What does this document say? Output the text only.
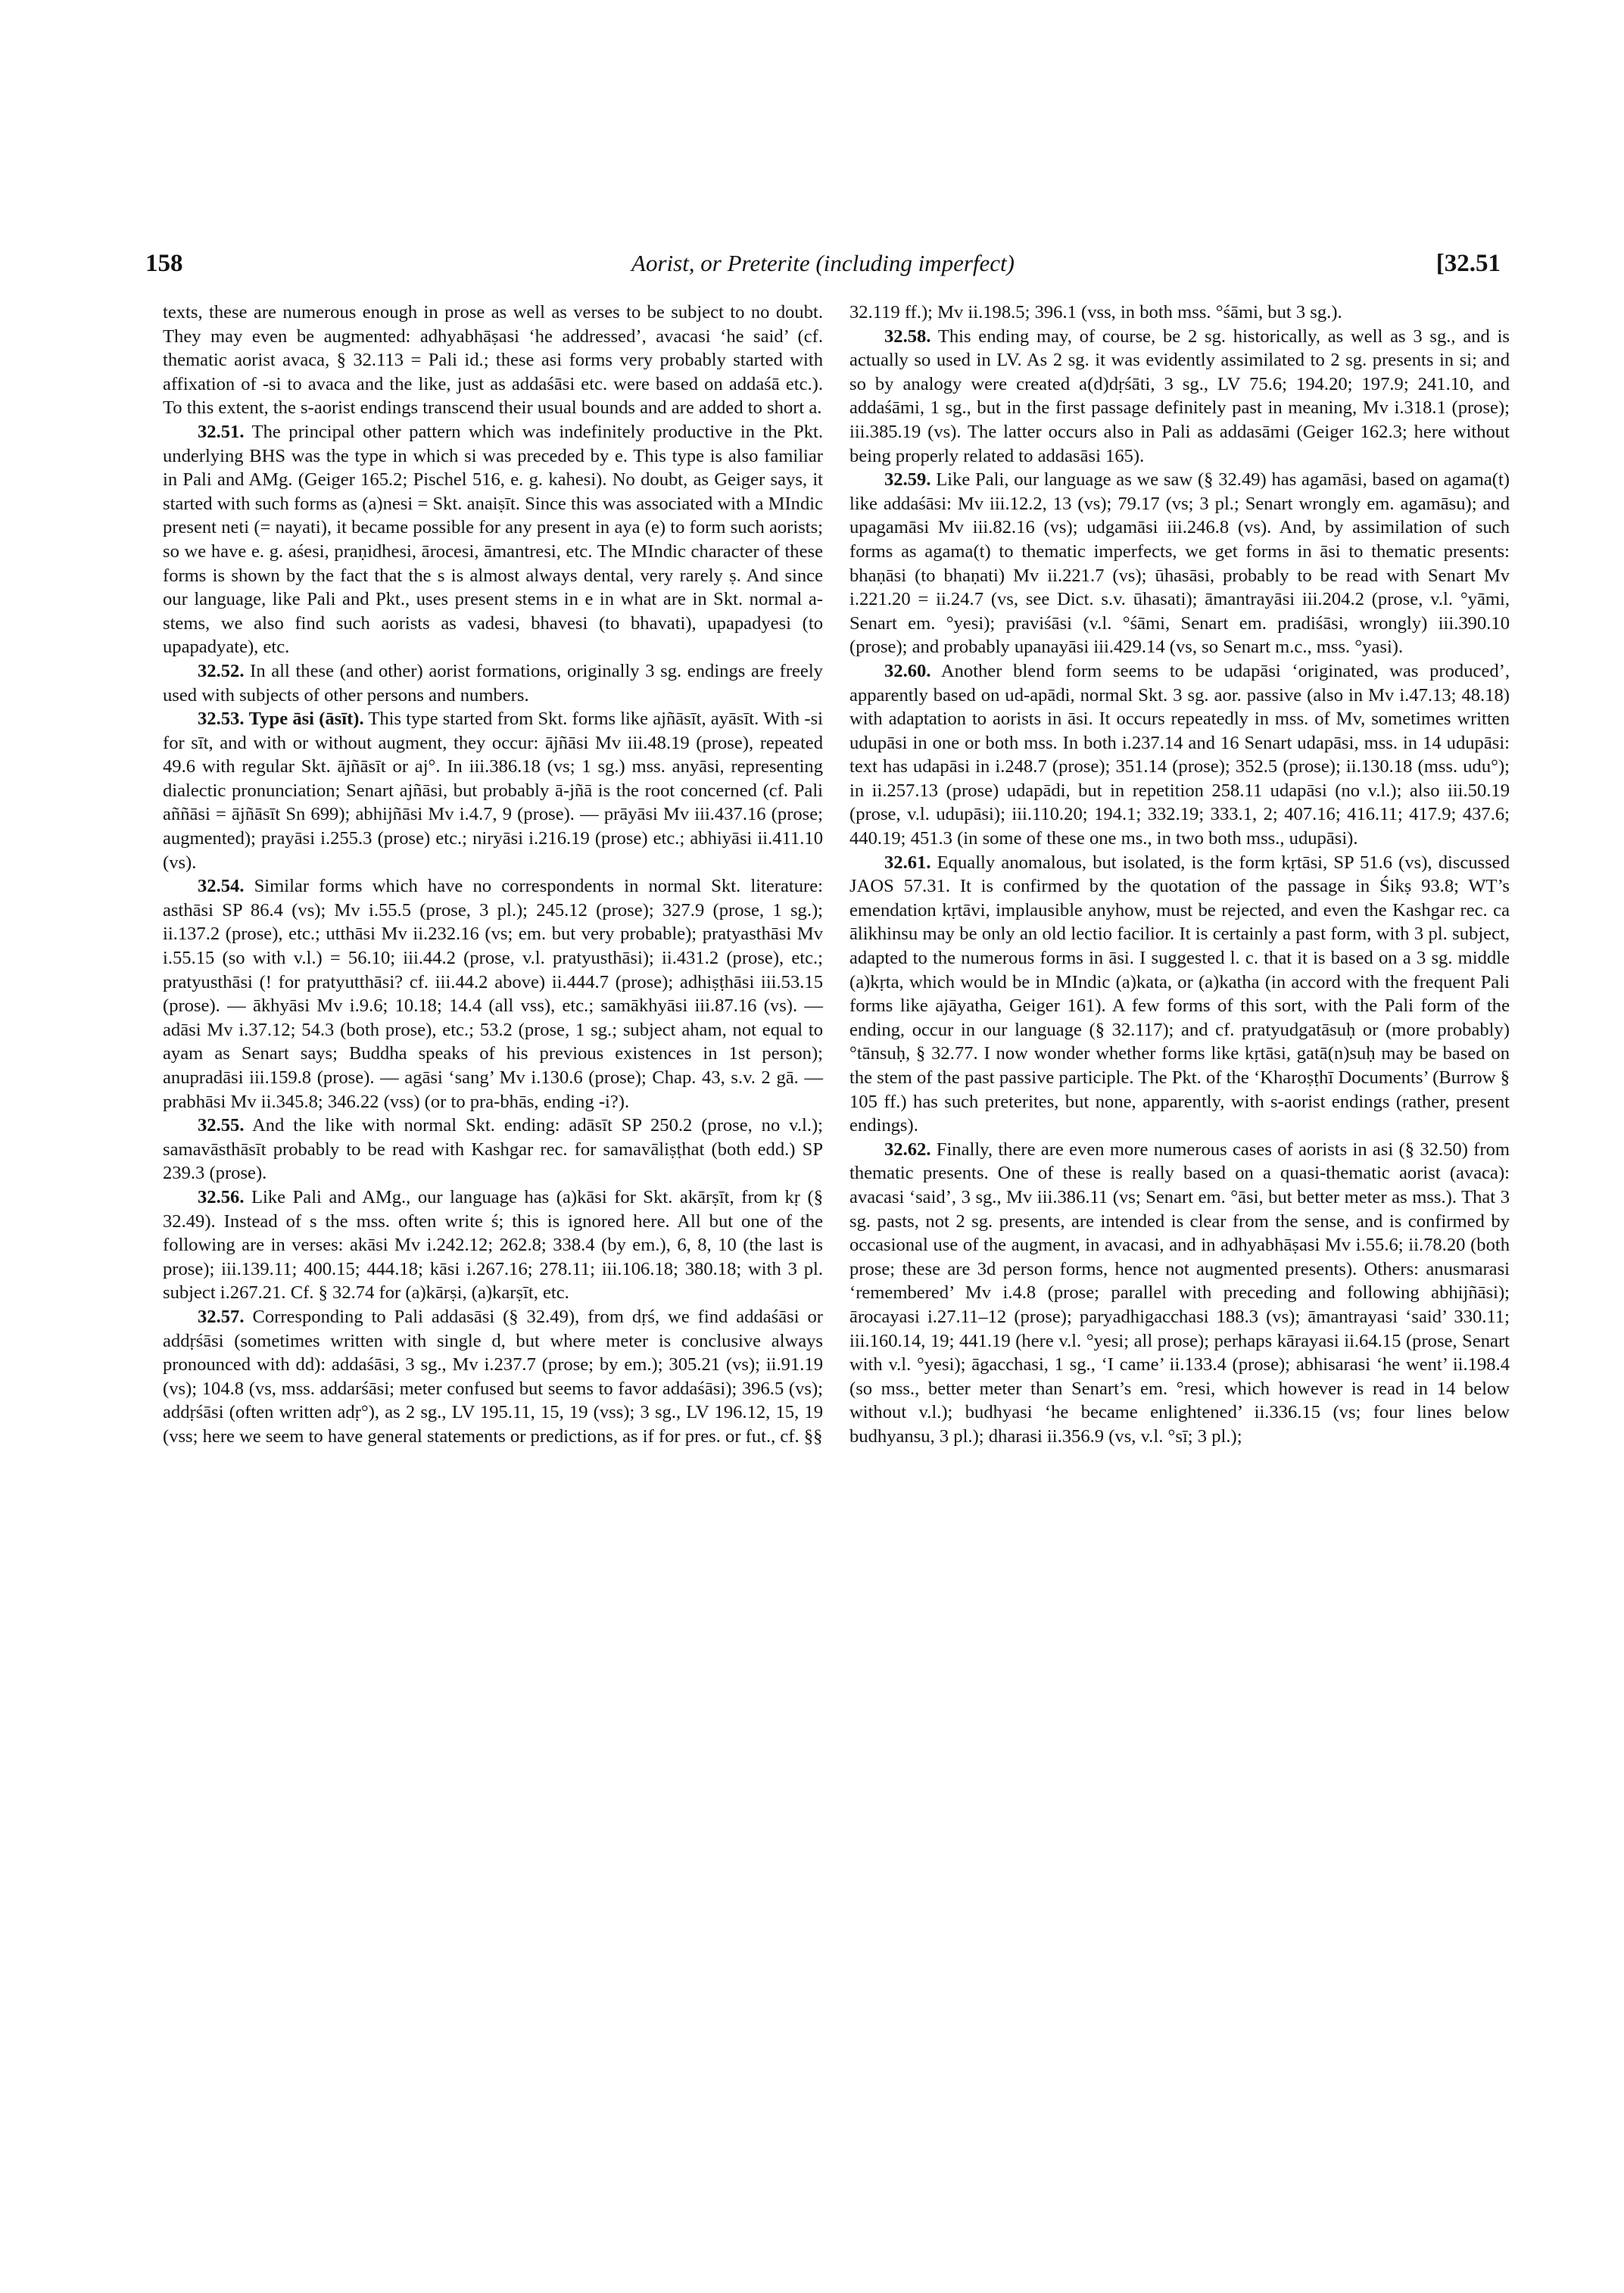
158	Aorist, or Preterite (including imperfect)	[32.51

texts, these are numerous enough in prose as well as verses to be subject to no doubt. They may even be augmented: adhyabhāṣasi ‘he addressed’, avacasi ‘he said’ (cf. thematic aorist avaca, § 32.113 = Pali id.; these asi forms very probably started with affixation of -si to avaca and the like, just as addaśāsi etc. were based on addaśā etc.). To this extent, the s-aorist endings transcend their usual bounds and are added to short a.

32.51. The principal other pattern which was indefinitely productive in the Pkt. underlying BHS was the type in which si was preceded by e. This type is also familiar in Pali and AMg. (Geiger 165.2; Pischel 516, e. g. kahesi). No doubt, as Geiger says, it started with such forms as (a)nesi = Skt. anaiṣīt. Since this was associated with a MIndic present neti (= nayati), it became possible for any present in aya (e) to form such aorists; so we have e. g. aśesi, praṇidhesi, ārocesi, āmantresi, etc. The MIndic character of these forms is shown by the fact that the s is almost always dental, very rarely ṣ. And since our language, like Pali and Pkt., uses present stems in e in what are in Skt. normal a-stems, we also find such aorists as vadesi, bhavesi (to bhavati), upapadyesi (to upapadyate), etc.

32.52. In all these (and other) aorist formations, originally 3 sg. endings are freely used with subjects of other persons and numbers.

32.53. Type āsi (āsīt). This type started from Skt. forms like ajñāsīt, ayāsīt. With -si for sīt, and with or without augment, they occur: ājñāsi Mv iii.48.19 (prose), repeated 49.6 with regular Skt. ājñāsīt or aj°. In iii.386.18 (vs; 1 sg.) mss. anyāsi, representing dialectic pronunciation; Senart ajñāsi, but probably ā-jñā is the root concerned (cf. Pali aññāsi = ājñāsīt Sn 699); abhijñāsi Mv i.4.7, 9 (prose). — prāyāsi Mv iii.437.16 (prose; augmented); prayāsi i.255.3 (prose) etc.; niryāsi i.216.19 (prose) etc.; abhiyāsi ii.411.10 (vs).

32.54. Similar forms which have no correspondents in normal Skt. literature: asthāsi SP 86.4 (vs); Mv i.55.5 (prose, 3 pl.); 245.12 (prose); 327.9 (prose, 1 sg.); ii.137.2 (prose), etc.; utthāsi Mv ii.232.16 (vs; em. but very probable); pratyasthāsi Mv i.55.15 (so with v.l.) = 56.10; iii.44.2 (prose, v.l. pratyusthāsi); ii.431.2 (prose), etc.; pratyusthāsi (! for pratyutthāsi? cf. iii.44.2 above) ii.444.7 (prose); adhiṣṭhāsi iii.53.15 (prose). — ākhyāsi Mv i.9.6; 10.18; 14.4 (all vss), etc.; samākhyāsi iii.87.16 (vs). — adāsi Mv i.37.12; 54.3 (both prose), etc.; 53.2 (prose, 1 sg.; subject aham, not equal to ayam as Senart says; Buddha speaks of his previous existences in 1st person); anupradāsi iii.159.8 (prose). — agāsi ‘sang’ Mv i.130.6 (prose); Chap. 43, s.v. 2 gā. — prabhāsi Mv ii.345.8; 346.22 (vss) (or to pra-bhās, ending -i?).

32.55. And the like with normal Skt. ending: adāsīt SP 250.2 (prose, no v.l.); samavāsthāsīt probably to be read with Kashgar rec. for samavāliṣṭhat (both edd.) SP 239.3 (prose).

32.56. Like Pali and AMg., our language has (a)kāsi for Skt. akārṣīt, from kṛ (§ 32.49). Instead of s the mss. often write ś; this is ignored here. All but one of the following are in verses: akāsi Mv i.242.12; 262.8; 338.4 (by em.), 6, 8, 10 (the last is prose); iii.139.11; 400.15; 444.18; kāsi i.267.16; 278.11; iii.106.18; 380.18; with 3 pl. subject i.267.21. Cf. § 32.74 for (a)kārṣi, (a)karṣīt, etc.

32.57. Corresponding to Pali addasāsi (§ 32.49), from dṛś, we find addaśāsi or addṛśāsi (sometimes written with single d, but where meter is conclusive always pronounced with dd): addaśāsi, 3 sg., Mv i.237.7 (prose; by em.); 305.21 (vs); ii.91.19 (vs); 104.8 (vs, mss. addarśāsi; meter confused but seems to favor addaśāsi); 396.5 (vs); addṛśāsi (often written adṛ°), as 2 sg., LV 195.11, 15, 19 (vss); 3 sg., LV 196.12, 15, 19 (vss; here we seem to have general statements or predictions, as if for pres. or fut., cf. §§

32.119 ff.); Mv ii.198.5; 396.1 (vss, in both mss. °śāmi, but 3 sg.).

32.58. This ending may, of course, be 2 sg. historically, as well as 3 sg., and is actually so used in LV. As 2 sg. it was evidently assimilated to 2 sg. presents in si; and so by analogy were created a(d)dṛśāti, 3 sg., LV 75.6; 194.20; 197.9; 241.10, and addaśāmi, 1 sg., but in the first passage definitely past in meaning, Mv i.318.1 (prose); iii.385.19 (vs). The latter occurs also in Pali as addasāmi (Geiger 162.3; here without being properly related to addasāsi 165).

32.59. Like Pali, our language as we saw (§ 32.49) has agamāsi, based on agama(t) like addaśāsi: Mv iii.12.2, 13 (vs); 79.17 (vs; 3 pl.; Senart wrongly em. agamāsu); and upagamāsi Mv iii.82.16 (vs); udgamāsi iii.246.8 (vs). And, by assimilation of such forms as agama(t) to thematic imperfects, we get forms in āsi to thematic presents: bhaṇāsi (to bhaṇati) Mv ii.221.7 (vs); ūhasāsi, probably to be read with Senart Mv i.221.20 = ii.24.7 (vs, see Dict. s.v. ūhasati); āmantrayāsi iii.204.2 (prose, v.l. °yāmi, Senart em. °yesi); praviśāsi (v.l. °śāmi, Senart em. pradiśāsi, wrongly) iii.390.10 (prose); and probably upanayāsi iii.429.14 (vs, so Senart m.c., mss. °yasi).

32.60. Another blend form seems to be udapāsi ‘originated, was produced’, apparently based on ud-apādi, normal Skt. 3 sg. aor. passive (also in Mv i.47.13; 48.18) with adaptation to aorists in āsi. It occurs repeatedly in mss. of Mv, sometimes written udupāsi in one or both mss. In both i.237.14 and 16 Senart udapāsi, mss. in 14 udupāsi: text has udapāsi in i.248.7 (prose); 351.14 (prose); 352.5 (prose); ii.130.18 (mss. udu°); in ii.257.13 (prose) udapādi, but in repetition 258.11 udapāsi (no v.l.); also iii.50.19 (prose, v.l. udupāsi); iii.110.20; 194.1; 332.19; 333.1, 2; 407.16; 416.11; 417.9; 437.6; 440.19; 451.3 (in some of these one ms., in two both mss., udupāsi).

32.61. Equally anomalous, but isolated, is the form kṛtāsi, SP 51.6 (vs), discussed JAOS 57.31. It is confirmed by the quotation of the passage in Śikṣ 93.8; WT’s emendation kṛtāvi, implausible anyhow, must be rejected, and even the Kashgar rec. ca ālikhinsu may be only an old lectio facilior. It is certainly a past form, with 3 pl. subject, adapted to the numerous forms in āsi. I suggested l. c. that it is based on a 3 sg. middle (a)kṛta, which would be in MIndic (a)kata, or (a)katha (in accord with the frequent Pali forms like ajāyatha, Geiger 161). A few forms of this sort, with the Pali form of the ending, occur in our language (§ 32.117); and cf. pratyudgatāsuḥ or (more probably) °tānsuḥ, § 32.77. I now wonder whether forms like kṛtāsi, gatā(n)suḥ may be based on the stem of the past passive participle. The Pkt. of the ‘Kharoṣṭhī Documents’ (Burrow § 105 ff.) has such preterites, but none, apparently, with s-aorist endings (rather, present endings).

32.62. Finally, there are even more numerous cases of aorists in asi (§ 32.50) from thematic presents. One of these is really based on a quasi-thematic aorist (avaca): avacasi ‘said’, 3 sg., Mv iii.386.11 (vs; Senart em. °āsi, but better meter as mss.). That 3 sg. pasts, not 2 sg. presents, are intended is clear from the sense, and is confirmed by occasional use of the augment, in avacasi, and in adhyabhāṣasi Mv i.55.6; ii.78.20 (both prose; these are 3d person forms, hence not augmented presents). Others: anusmarasi ‘remembered’ Mv i.4.8 (prose; parallel with preceding and following abhijñāsi); ārocayasi i.27.11–12 (prose); paryadhigacchasi 188.3 (vs); āmantrayasi ‘said’ 330.11; iii.160.14, 19; 441.19 (here v.l. °yesi; all prose); perhaps kārayasi ii.64.15 (prose, Senart with v.l. °yesi); āgacchasi, 1 sg., ‘I came’ ii.133.4 (prose); abhisarasi ‘he went’ ii.198.4 (so mss., better meter than Senart’s em. °resi, which however is read in 14 below without v.l.); budhyasi ‘he became enlightened’ ii.336.15 (vs; four lines below budhyansu, 3 pl.); dharasi ii.356.9 (vs, v.l. °sī; 3 pl.);
